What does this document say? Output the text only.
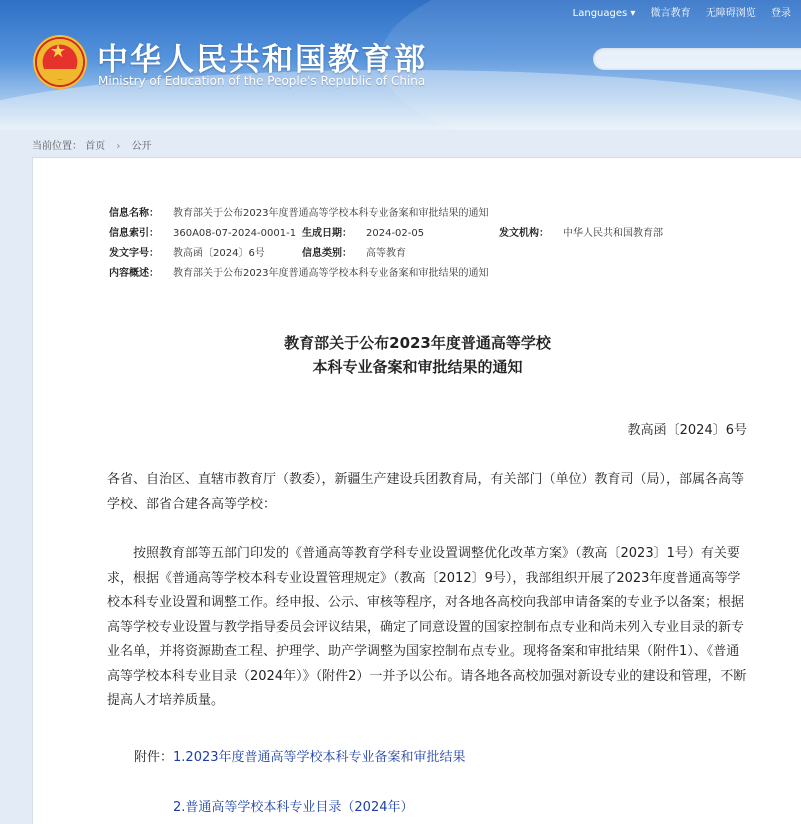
★ 中华人民共和国教育部
Ministry of Education of the People's Republic of China
Languages ▾ 微言教育 无障碍浏览 登录
当前位置： 首页 › 公开
信息名称： 教育部关于公布2023年度普通高等学校本科专业备案和审批结果的通知
信息索引： 360A08-07-2024-0001-1 生成日期： 2024-02-05	发文机构： 中华人民共和国教育部
发文字号： 教高函〔2024〕6号	信息类别： 高等教育
内容概述： 教育部关于公布2023年度普通高等学校本科专业备案和审批结果的通知
教育部关于公布2023年度普通高等学校
本科专业备案和审批结果的通知
教高函〔2024〕6号
各省、自治区、直辖市教育厅（教委），新疆生产建设兵团教育局，有关部门（单位）教育司（局），部属各高等学校、部省合建各高等学校：
　　按照教育部等五部门印发的《普通高等教育学科专业设置调整优化改革方案》（教高〔2023〕1号）有关要求，根据《普通高等学校本科专业设置管理规定》（教高〔2012〕9号），我部组织开展了2023年度普通高等学校本科专业设置和调整工作。经申报、公示、审核等程序，对各地各高校向我部申请备案的专业予以备案；根据高等学校专业设置与教学指导委员会评议结果，确定了同意设置的国家控制布点专业和尚未列入专业目录的新专业名单，并将资源勘查工程、护理学、助产学调整为国家控制布点专业。现将备案和审批结果（附件1）、《普通高等学校本科专业目录（2024年）》（附件2）一并予以公布。请各地各高校加强对新设专业的建设和管理，不断提高人才培养质量。
附件：1.2023年度普通高等学校本科专业备案和审批结果
2.普通高等学校本科专业目录（2024年）
